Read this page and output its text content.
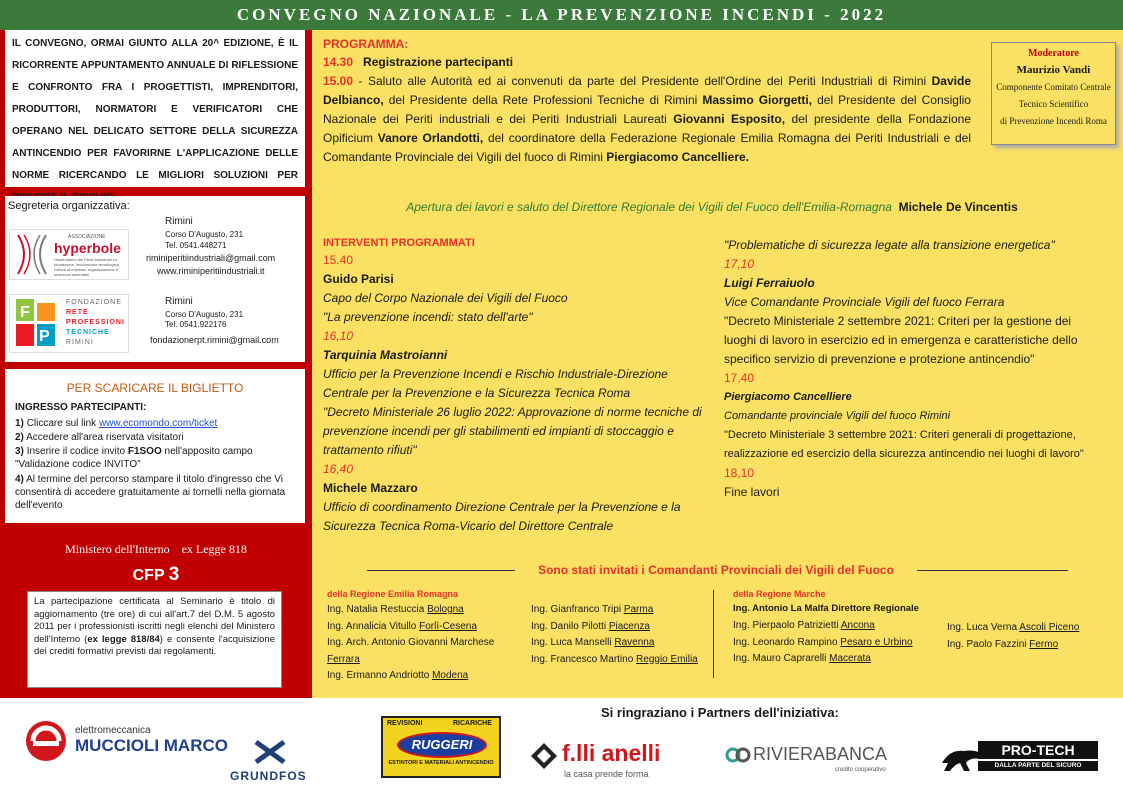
CONVEGNO NAZIONALE - LA PREVENZIONE INCENDI - 2022
IL CONVEGNO, ORMAI GIUNTO ALLA 20^ EDIZIONE, È IL RICORRENTE APPUNTAMENTO ANNUALE DI RIFLESSIONE E CONFRONTO FRA I PROGETTISTI, IMPRENDITORI, PRODUTTORI, NORMATORI E VERIFICATORI CHE OPERANO NEL DELICATO SETTORE DELLA SICUREZZA ANTINCENDIO PER FAVORIRNE L'APPLICAZIONE DELLE NORME RICERCANDO LE MIGLIORI SOLUZIONI PER
Segreteria organizzativa:
ASSOCIAZIONE
hyperbole
Osservatorio dei Periti Industriali su formazione, innovazione tecnologica, cultura di impresa, organizzazione e sicurezza aziendale
Rimini
Corso D'Augusto, 231
Tel. 0541.448271
riminiperitiindustriali@gmail.com
www.riminiperitiindustriali.it
F
P
FONDAZIONE
RETE
PROFESSIONI
TECNICHE
RIMINI
Rimini
Corso D'Augusto, 231
Tel. 0541.922176
fondazionerpt.rimini@gmail.com
PER SCARICARE IL BIGLIETTO
INGRESSO PARTECIPANTI:
1) Cliccare sul link www.ecomondo.com/ticket
2) Accedere all'area riservata visitatori
3) Inserire il codice invito F1SOO nell'apposito campo "Validazione codice INVITO"
4) Al termine del percorso stampare il titolo d'ingresso che Vi consentirà di accedere gratuitamente ai tornelli nella giornata dell'evento
Ministero dell'Interno ex Legge 818
CFP 3
La partecipazione certificata al Seminario è titolo di aggiornamento (tre ore) di cui all'art.7 del D.M. 5 agosto 2011 per i professionisti iscritti negli elenchi del Ministero dell'Interno (ex legge 818/84) e consente l'acquisizione dei crediti formativi previsti dai regolamenti.
Moderatore
Maurizio Vandi
Componente Comitato Centrale
Tecnico Scientifico
di Prevenzione Incendi Roma
PROGRAMMA:
14.30 Registrazione partecipanti
15.00 - Saluto alle Autorità ed ai convenuti da parte del Presidente dell'Ordine dei Periti Industriali di Rimini Davide Delbianco, del Presidente della Rete Professioni Tecniche di Rimini Massimo Giorgetti, del Presidente del Consiglio Nazionale dei Periti industriali e dei Periti Industriali Laureati Giovanni Esposito, del presidente della Fondazione Opificium Vanore Orlandotti, del coordinatore della Federazione Regionale Emilia Romagna dei Periti Industriali e del Comandante Provinciale dei Vigili del fuoco di Rimini Piergiacomo Cancelliere.
Apertura dei lavori e saluto del Direttore Regionale dei Vigili del Fuoco dell'Emilia-Romagna Michele De Vincentis
INTERVENTI PROGRAMMATI
15.40
Guido Parisi
Capo del Corpo Nazionale dei Vigili del Fuoco
"La prevenzione incendi: stato dell'arte"
16,10
Tarquinia Mastroianni
Ufficio per la Prevenzione Incendi e Rischio Industriale-Direzione Centrale per la Prevenzione e la Sicurezza Tecnica Roma
"Decreto Ministeriale 26 luglio 2022: Approvazione di norme tecniche di prevenzione incendi per gli stabilimenti ed impianti di stoccaggio e trattamento rifiuti"
16,40
Michele Mazzaro
Ufficio di coordinamento Direzione Centrale per la Prevenzione e la Sicurezza Tecnica Roma-Vicario del Direttore Centrale
"Problematiche di sicurezza legate alla transizione energetica"
17,10
Luigi Ferraiuolo
Vice Comandante Provinciale Vigili del fuoco Ferrara
"Decreto Ministeriale 2 settembre 2021: Criteri per la gestione dei luoghi di lavoro in esercizio ed in emergenza e caratteristiche dello specifico servizio di prevenzione e protezione antincendio"
17.40
Piergiacomo Cancelliere
Comandante provinciale Vigili del fuoco Rimini
"Decreto Ministeriale 3 settembre 2021: Criteri generali di progettazione, realizzazione ed esercizio della sicurezza antincendio nei luoghi di lavoro"
18,10
Fine lavori
Sono stati invitati i Comandanti Provinciali dei Vigili del Fuoco
della Regione Emilia Romagna
Ing. Natalia Restuccia Bologna
Ing. Annalicia Vitullo Forlì-Cesena
Ing. Arch. Antonio Giovanni Marchese Ferrara
Ing. Ermanno Andriotto Modena
Ing. Gianfranco Tripi Parma
Ing. Danilo Pilotti Piacenza
Ing. Luca Manselli Ravenna
Ing. Francesco Martino Reggio Emilia
della Regione Marche
Ing. Antonio La Malfa Direttore Regionale
Ing. Pierpaolo Patrizietti Ancona
Ing. Leonardo Rampino Pesaro e Urbino
Ing. Mauro Caprarelli Macerata
Ing. Luca Verna Ascoli Piceno
Ing. Paolo Fazzini Fermo
Si ringraziano i Partners dell'iniziativa:
elettromeccanica
MUCCIOLI MARCO
GRUNDFOS
REVISIONI	RICARICHE
RUGGERI
ESTINTORI E MATERIALI ANTINCENDIO	f.lli anelli
la casa prende forma
RIVIERABANCA
credito cooperativo
PRO-TECH
DALLA PARTE DEL SICURO
